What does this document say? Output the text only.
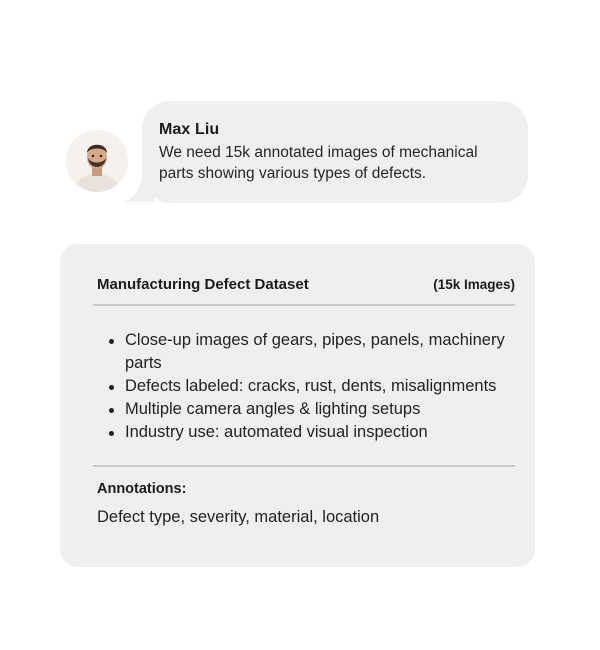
Max Liu
We need 15k annotated images of mechanical parts showing various types of defects.
Manufacturing Defect Dataset	(15k Images)
Close-up images of gears, pipes, panels, machinery parts
Defects labeled: cracks, rust, dents, misalignments
Multiple camera angles & lighting setups
Industry use: automated visual inspection
Annotations:
Defect type, severity, material, location
